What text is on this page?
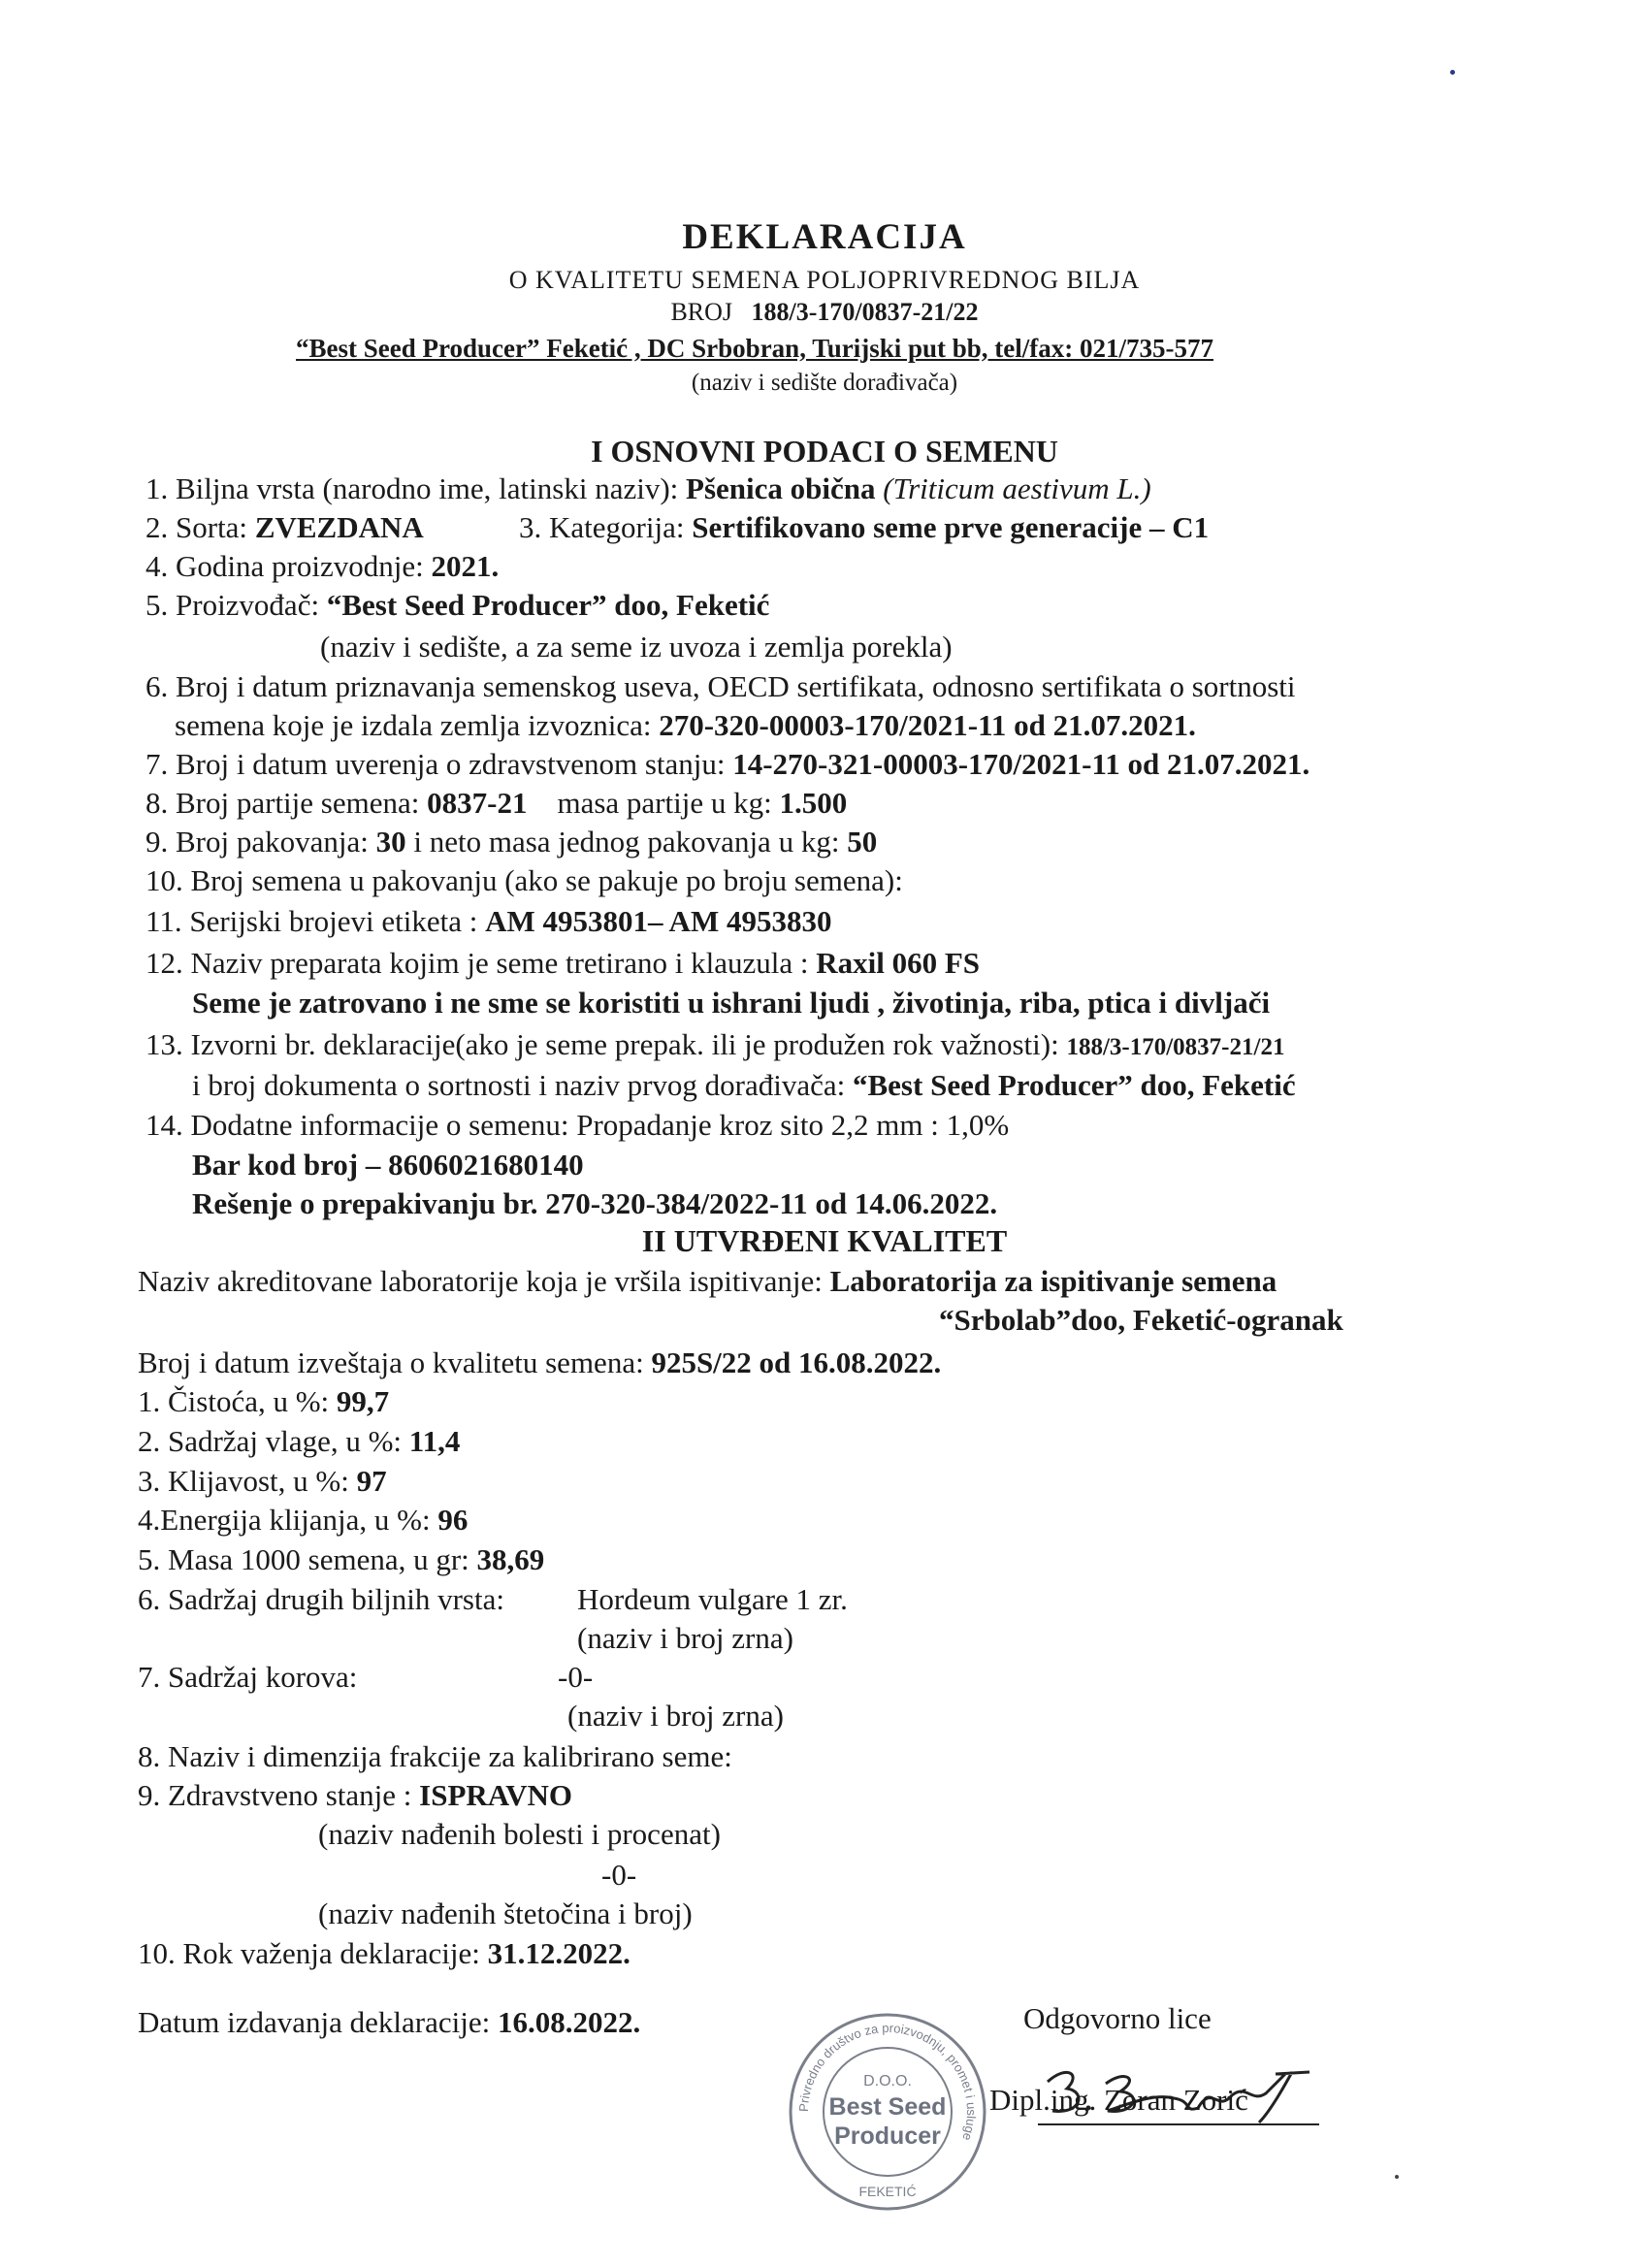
DEKLARACIJA
O KVALITETU SEMENA POLJOPRIVREDNOG BILJA
BROJ 188/3-170/0837-21/22
“Best Seed Producer” Feketić , DC Srbobran, Turijski put bb, tel/fax: 021/735-577
(naziv i sedište dorađivača)
I OSNOVNI PODACI O SEMENU
1. Biljna vrsta (narodno ime, latinski naziv): Pšenica obična (Triticum aestivum L.)
2. Sorta: ZVEZDANA	3. Kategorija: Sertifikovano seme prve generacije – C1
4. Godina proizvodnje: 2021.
5. Proizvođač: “Best Seed Producer” doo, Feketić
(naziv i sedište, a za seme iz uvoza i zemlja porekla)
6. Broj i datum priznavanja semenskog useva, OECD sertifikata, odnosno sertifikata o sortnosti
semena koje je izdala zemlja izvoznica: 270-320-00003-170/2021-11 od 21.07.2021.
7. Broj i datum uverenja o zdravstvenom stanju: 14-270-321-00003-170/2021-11 od 21.07.2021.
8. Broj partije semena: 0837-21 masa partije u kg: 1.500
9. Broj pakovanja: 30 i neto masa jednog pakovanja u kg: 50
10. Broj semena u pakovanju (ako se pakuje po broju semena):
11. Serijski brojevi etiketa : AM 4953801– AM 4953830
12. Naziv preparata kojim je seme tretirano i klauzula : Raxil 060 FS
Seme je zatrovano i ne sme se koristiti u ishrani ljudi , životinja, riba, ptica i divljači
13. Izvorni br. deklaracije(ako je seme prepak. ili je produžen rok važnosti): 188/3-170/0837-21/21
i broj dokumenta o sortnosti i naziv prvog dorađivača: “Best Seed Producer” doo, Feketić
14. Dodatne informacije o semenu: Propadanje kroz sito 2,2 mm : 1,0%
Bar kod broj – 8606021680140
Rešenje o prepakivanju br. 270-320-384/2022-11 od 14.06.2022.
II UTVRĐENI KVALITET
Naziv akreditovane laboratorije koja je vršila ispitivanje: Laboratorija za ispitivanje semena
“Srbolab”doo, Feketić-ogranak
Broj i datum izveštaja o kvalitetu semena: 925S/22 od 16.08.2022.
1. Čistoća, u %: 99,7
2. Sadržaj vlage, u %: 11,4
3. Klijavost, u %: 97
4.Energija klijanja, u %: 96
5. Masa 1000 semena, u gr: 38,69
6. Sadržaj drugih biljnih vrsta: Hordeum vulgare 1 zr.
(naziv i broj zrna)
7. Sadržaj korova:	-0-
(naziv i broj zrna)
8. Naziv i dimenzija frakcije za kalibrirano seme:
9. Zdravstveno stanje : ISPRAVNO
(naziv nađenih bolesti i procenat)
-0-
(naziv nađenih štetočina i broj)
10. Rok važenja deklaracije: 31.12.2022.
Datum izdavanja deklaracije: 16.08.2022.	Odgovorno lice
Dipl.ing. Zoran Zorić
Privredno društvo za proizvodnju, promet i usluge
D.O.O.
Best Seed
Producer
FEKETIĆ
